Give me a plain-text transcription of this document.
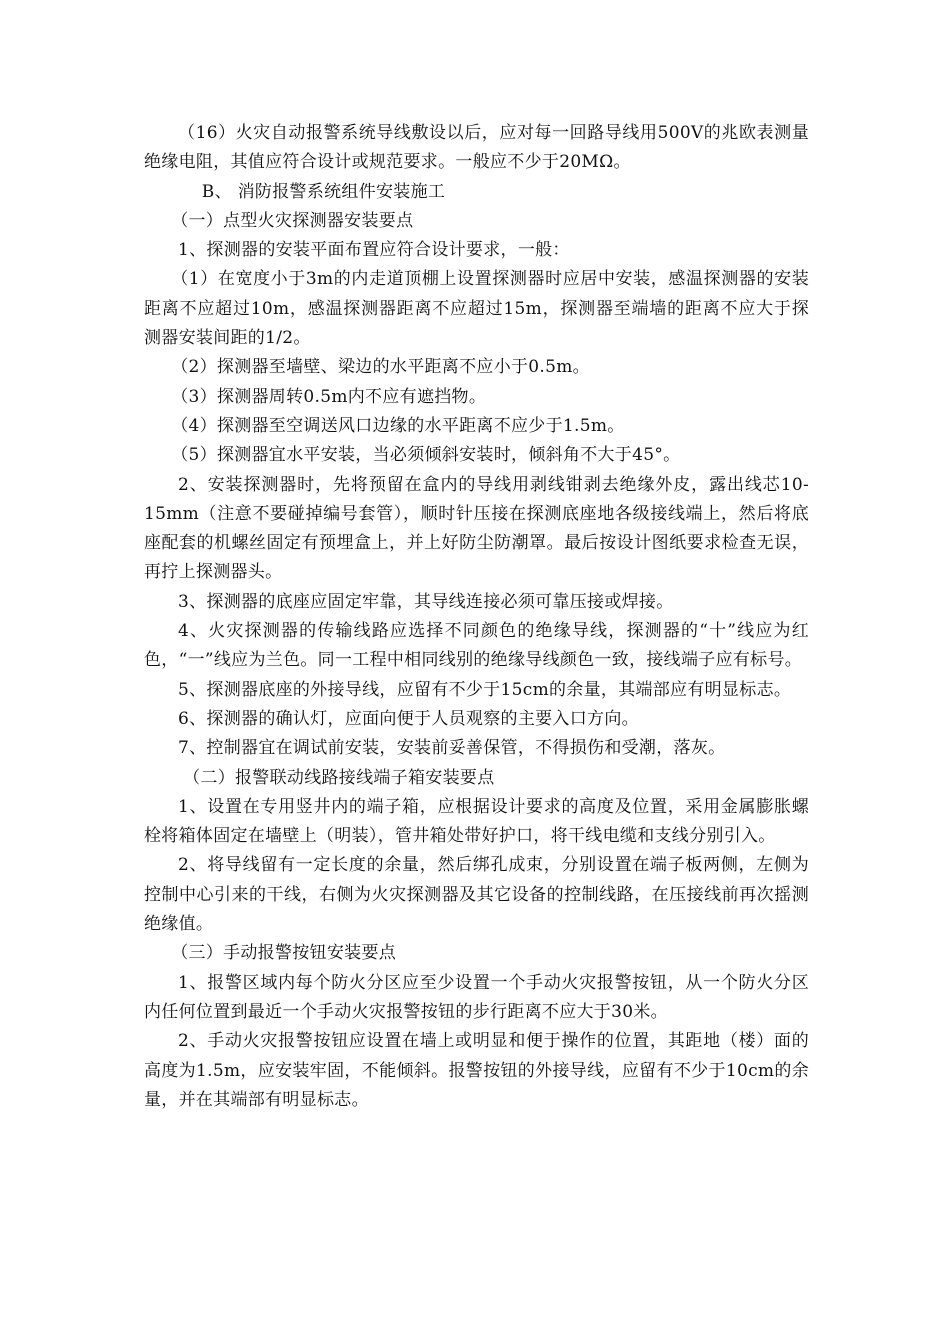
（16）火灾自动报警系统导线敷设以后，应对每一回路导线用500V的兆欧表测量绝缘电阻，其值应符合设计或规范要求。一般应不少于20MΩ。

B、 消防报警系统组件安装施工

（一）点型火灾探测器安装要点

1、探测器的安装平面布置应符合设计要求，一般：

（1）在宽度小于3m的内走道顶棚上设置探测器时应居中安装，感温探测器的安装距离不应超过10m，感温探测器距离不应超过15m，探测器至端墙的距离不应大于探测器安装间距的1/2。

（2）探测器至墙壁、梁边的水平距离不应小于0.5m。

（3）探测器周转0.5m内不应有遮挡物。

（4）探测器至空调送风口边缘的水平距离不应少于1.5m。

（5）探测器宜水平安装，当必须倾斜安装时，倾斜角不大于45°。

2、安装探测器时，先将预留在盒内的导线用剥线钳剥去绝缘外皮，露出线芯10-15mm（注意不要碰掉编号套管），顺时针压接在探测底座地各级接线端上，然后将底座配套的机螺丝固定有预埋盒上，并上好防尘防潮罩。最后按设计图纸要求检查无误，再拧上探测器头。

3、探测器的底座应固定牢靠，其导线连接必须可靠压接或焊接。

4、火灾探测器的传输线路应选择不同颜色的绝缘导线，探测器的“十”线应为红色，“一”线应为兰色。同一工程中相同线别的绝缘导线颜色一致，接线端子应有标号。

5、探测器底座的外接导线，应留有不少于15cm的余量，其端部应有明显标志。

6、探测器的确认灯，应面向便于人员观察的主要入口方向。

7、控制器宜在调试前安装，安装前妥善保管，不得损伤和受潮，落灰。

（二）报警联动线路接线端子箱安装要点

1、设置在专用竖井内的端子箱，应根据设计要求的高度及位置，采用金属膨胀螺栓将箱体固定在墙壁上（明装），管井箱处带好护口，将干线电缆和支线分别引入。

2、将导线留有一定长度的余量，然后绑孔成束，分别设置在端子板两侧，左侧为控制中心引来的干线，右侧为火灾探测器及其它设备的控制线路，在压接线前再次摇测绝缘值。

（三）手动报警按钮安装要点

1、报警区域内每个防火分区应至少设置一个手动火灾报警按钮，从一个防火分区内任何位置到最近一个手动火灾报警按钮的步行距离不应大于30米。

2、手动火灾报警按钮应设置在墙上或明显和便于操作的位置，其距地（楼）面的高度为1.5m，应安装牢固，不能倾斜。报警按钮的外接导线，应留有不少于10cm的余量，并在其端部有明显标志。
